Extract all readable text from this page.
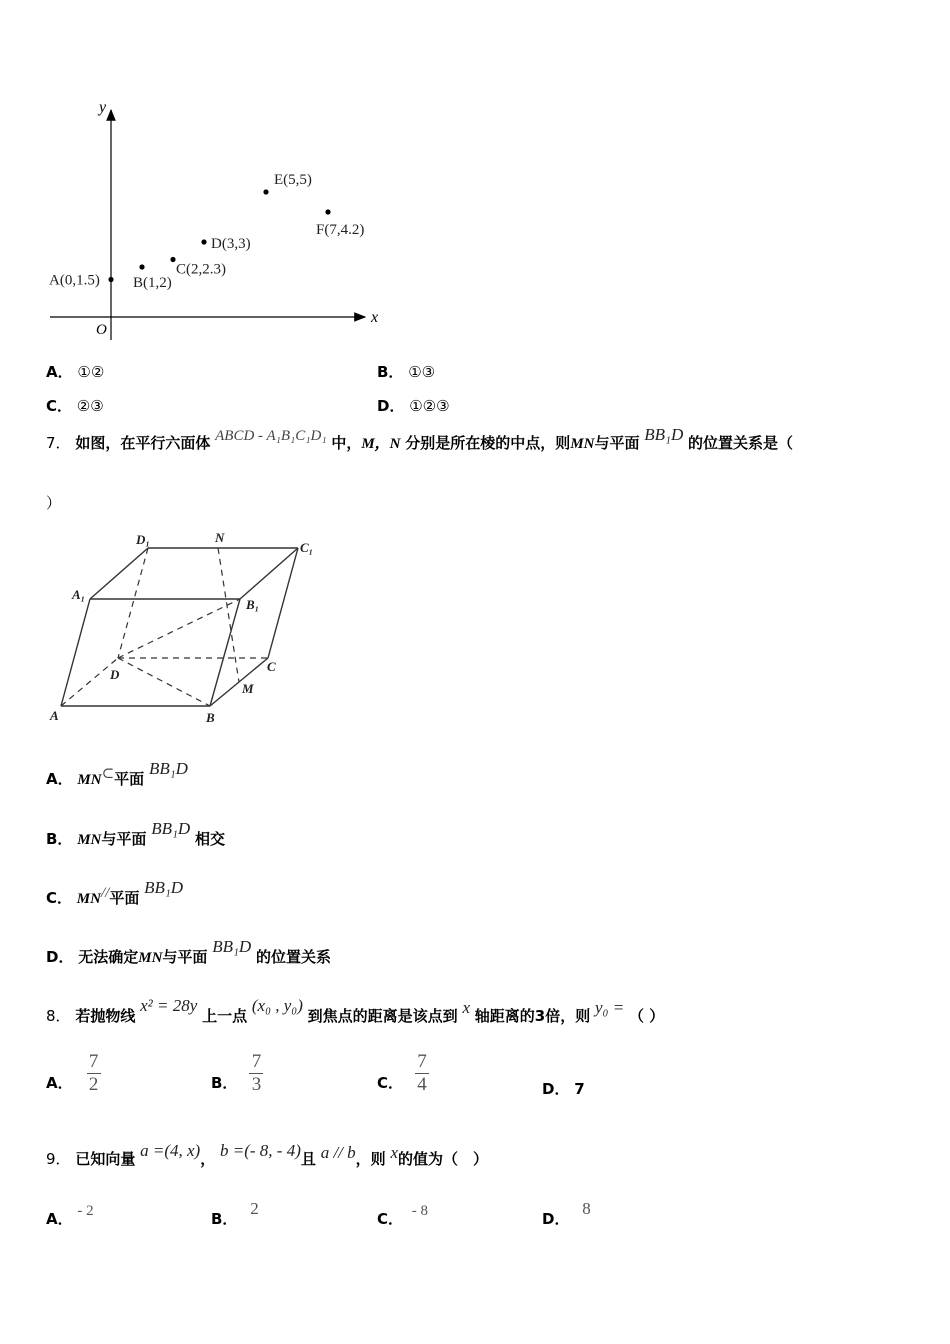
x
y
O
A(0,1.5) B(1,2)
C(2,2.3)
D(3,3)
E(5,5)
F(7,4.2)
A． ①②	B． ①③
C． ②③	D． ①②③
7． 如图，在平行六面体 ABCD - A₁B₁C₁D₁ 中，M，N 分别是所在棱的中点，则MN与平面 BB₁D 的位置关系是（
）
D₁	N
C₁
A₁
B₁
D
C
M
A	B
A． MN⊂平面 BB₁D
B． MN与平面 BB₁D 相交
C． MN//平面 BB₁D
D． 无法确定MN与平面 BB₁D 的位置关系
8． 若抛物线 x² = 28y 上一点 (x₀ , y₀) 到焦点的距离是该点到 x 轴距离的3倍，则 y₀ = （ ）
A． $\frac{7}{2}$	B． $\frac{7}{3}$	C． $\frac{7}{4}$	D． 7
9． 已知向量 a =(4, x)， b =(- 8, - 4)且 a // b，则 x的值为（　）
A． - 2	B． 2
C． - 8	D． 8
